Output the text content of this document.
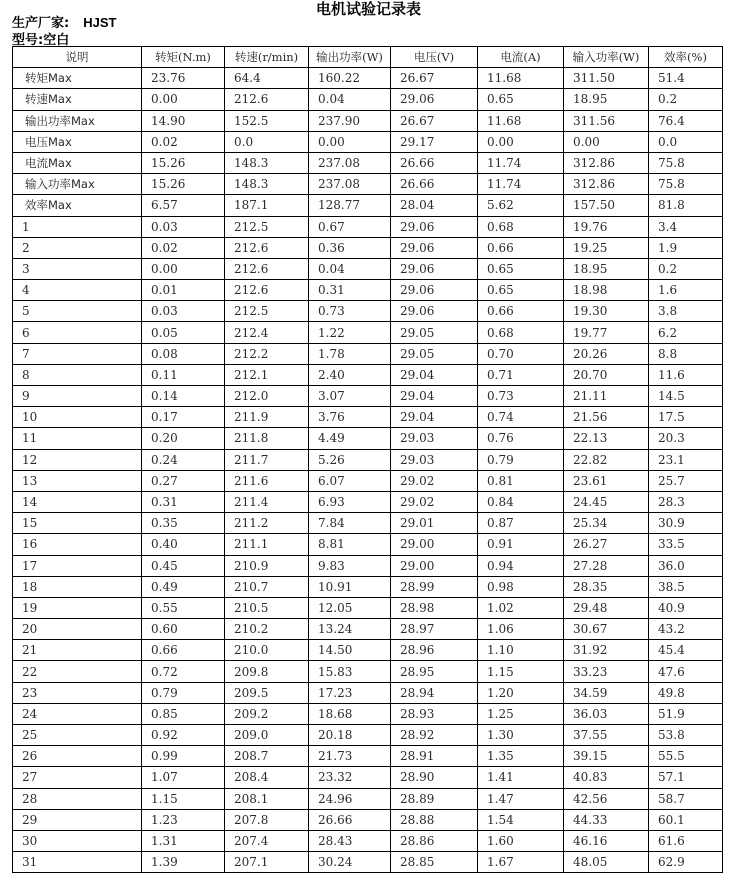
电机试验记录表
生产厂家: HJST
型号:空白
说明	转矩(N.m)	转速(r/min)	输出功率(W)	电压(V)	电流(A)	输入功率(W)	效率(%)
转矩Max	23.76	64.4	160.22	26.67	11.68	311.50	51.4
转速Max	0.00	212.6	0.04	29.06	0.65	18.95	0.2
输出功率Max	14.90	152.5	237.90	26.67	11.68	311.56	76.4
电压Max	0.02	0.0	0.00	29.17	0.00	0.00	0.0
电流Max	15.26	148.3	237.08	26.66	11.74	312.86	75.8
输入功率Max	15.26	148.3	237.08	26.66	11.74	312.86	75.8
效率Max	6.57	187.1	128.77	28.04	5.62	157.50	81.8
1	0.03	212.5	0.67	29.06	0.68	19.76	3.4
2	0.02	212.6	0.36	29.06	0.66	19.25	1.9
3	0.00	212.6	0.04	29.06	0.65	18.95	0.2
4	0.01	212.6	0.31	29.06	0.65	18.98	1.6
5	0.03	212.5	0.73	29.06	0.66	19.30	3.8
6	0.05	212.4	1.22	29.05	0.68	19.77	6.2
7	0.08	212.2	1.78	29.05	0.70	20.26	8.8
8	0.11	212.1	2.40	29.04	0.71	20.70	11.6
9	0.14	212.0	3.07	29.04	0.73	21.11	14.5
10	0.17	211.9	3.76	29.04	0.74	21.56	17.5
11	0.20	211.8	4.49	29.03	0.76	22.13	20.3
12	0.24	211.7	5.26	29.03	0.79	22.82	23.1
13	0.27	211.6	6.07	29.02	0.81	23.61	25.7
14	0.31	211.4	6.93	29.02	0.84	24.45	28.3
15	0.35	211.2	7.84	29.01	0.87	25.34	30.9
16	0.40	211.1	8.81	29.00	0.91	26.27	33.5
17	0.45	210.9	9.83	29.00	0.94	27.28	36.0
18	0.49	210.7	10.91	28.99	0.98	28.35	38.5
19	0.55	210.5	12.05	28.98	1.02	29.48	40.9
20	0.60	210.2	13.24	28.97	1.06	30.67	43.2
21	0.66	210.0	14.50	28.96	1.10	31.92	45.4
22	0.72	209.8	15.83	28.95	1.15	33.23	47.6
23	0.79	209.5	17.23	28.94	1.20	34.59	49.8
24	0.85	209.2	18.68	28.93	1.25	36.03	51.9
25	0.92	209.0	20.18	28.92	1.30	37.55	53.8
26	0.99	208.7	21.73	28.91	1.35	39.15	55.5
27	1.07	208.4	23.32	28.90	1.41	40.83	57.1
28	1.15	208.1	24.96	28.89	1.47	42.56	58.7
29	1.23	207.8	26.66	28.88	1.54	44.33	60.1
30	1.31	207.4	28.43	28.86	1.60	46.16	61.6
31	1.39	207.1	30.24	28.85	1.67	48.05	62.9
